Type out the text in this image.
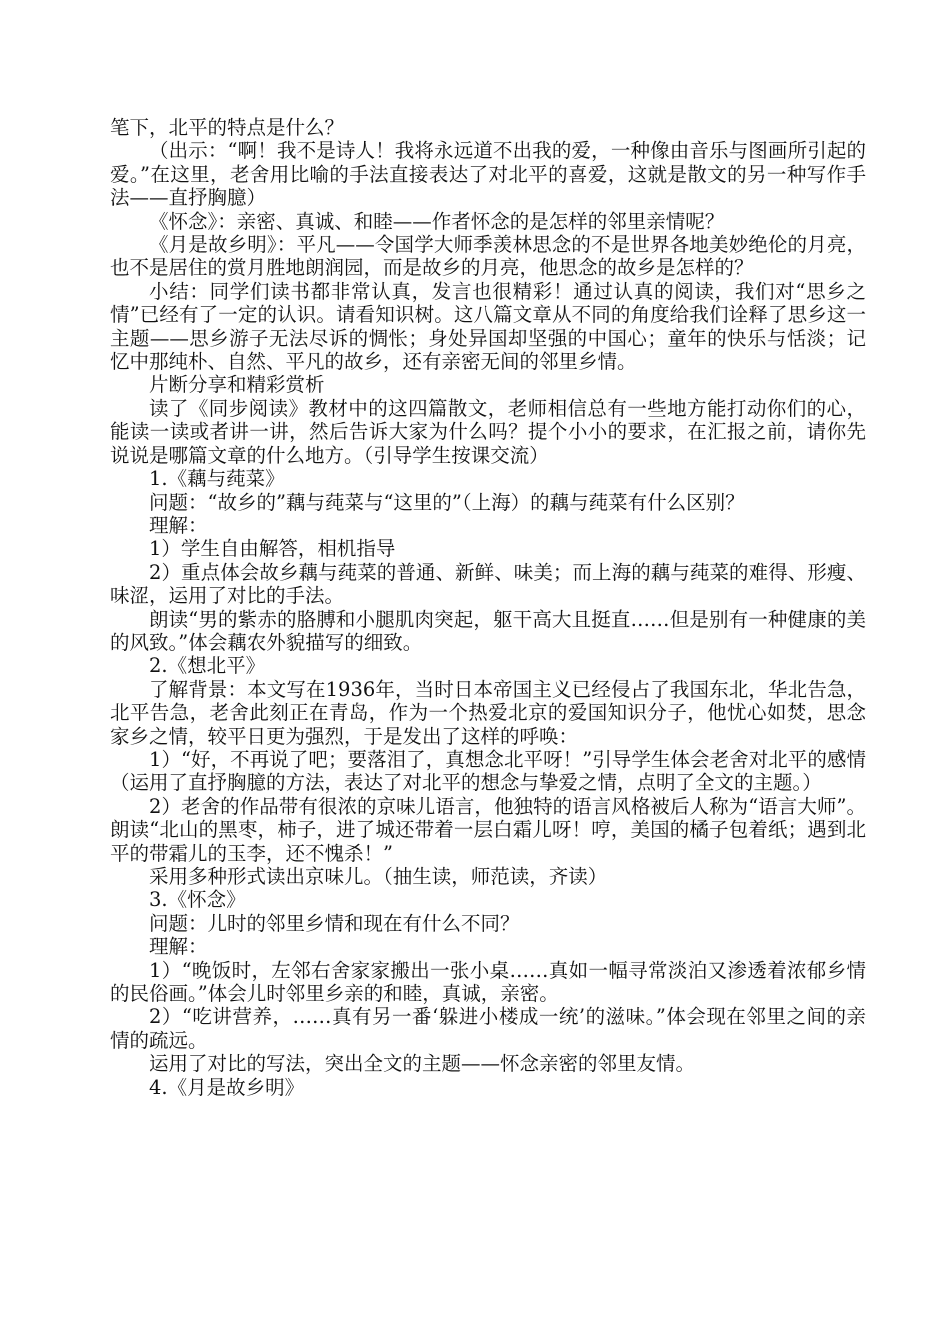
笔下，北平的特点是什么？

（出示：“啊！我不是诗人！我将永远道不出我的爱，一种像由音乐与图画所引起的爱。”在这里，老舍用比喻的手法直接表达了对北平的喜爱，这就是散文的另一种写作手法——直抒胸臆）

《怀念》：亲密、真诚、和睦——作者怀念的是怎样的邻里亲情呢？

《月是故乡明》：平凡——令国学大师季羡林思念的不是世界各地美妙绝伦的月亮，也不是居住的赏月胜地朗润园，而是故乡的月亮，他思念的故乡是怎样的？

小结：同学们读书都非常认真，发言也很精彩！通过认真的阅读，我们对“思乡之情”已经有了一定的认识。请看知识树。这八篇文章从不同的角度给我们诠释了思乡这一主题——思乡游子无法尽诉的惆怅；身处异国却坚强的中国心；童年的快乐与恬淡；记忆中那纯朴、自然、平凡的故乡，还有亲密无间的邻里乡情。

片断分享和精彩赏析

读了《同步阅读》教材中的这四篇散文，老师相信总有一些地方能打动你们的心，能读一读或者讲一讲，然后告诉大家为什么吗？提个小小的要求，在汇报之前，请你先说说是哪篇文章的什么地方。（引导学生按课交流）

1.《藕与莼菜》

问题：“故乡的”藕与莼菜与“这里的”（上海）的藕与莼菜有什么区别？

理解：

1）学生自由解答，相机指导

2）重点体会故乡藕与莼菜的普通、新鲜、味美；而上海的藕与莼菜的难得、形瘦、味涩，运用了对比的手法。

朗读“男的紫赤的胳膊和小腿肌肉突起，躯干高大且挺直……但是别有一种健康的美的风致。”体会藕农外貌描写的细致。

2.《想北平》

了解背景：本文写在1936年，当时日本帝国主义已经侵占了我国东北，华北告急，北平告急，老舍此刻正在青岛，作为一个热爱北京的爱国知识分子，他忧心如焚，思念家乡之情，较平日更为强烈，于是发出了这样的呼唤：

1）“好，不再说了吧；要落泪了，真想念北平呀！”引导学生体会老舍对北平的感情（运用了直抒胸臆的方法，表达了对北平的想念与挚爱之情，点明了全文的主题。）

2）老舍的作品带有很浓的京味儿语言，他独特的语言风格被后人称为“语言大师”。朗读“北山的黑枣，柿子，进了城还带着一层白霜儿呀！哼，美国的橘子包着纸；遇到北平的带霜儿的玉李，还不愧杀！”

采用多种形式读出京味儿。（抽生读，师范读，齐读）

3.《怀念》

问题：儿时的邻里乡情和现在有什么不同？

理解：

1）“晚饭时，左邻右舍家家搬出一张小桌……真如一幅寻常淡泊又渗透着浓郁乡情的民俗画。”体会儿时邻里乡亲的和睦，真诚，亲密。

2）“吃讲营养，……真有另一番‘躲进小楼成一统’的滋味。”体会现在邻里之间的亲情的疏远。

运用了对比的写法，突出全文的主题——怀念亲密的邻里友情。

4.《月是故乡明》
